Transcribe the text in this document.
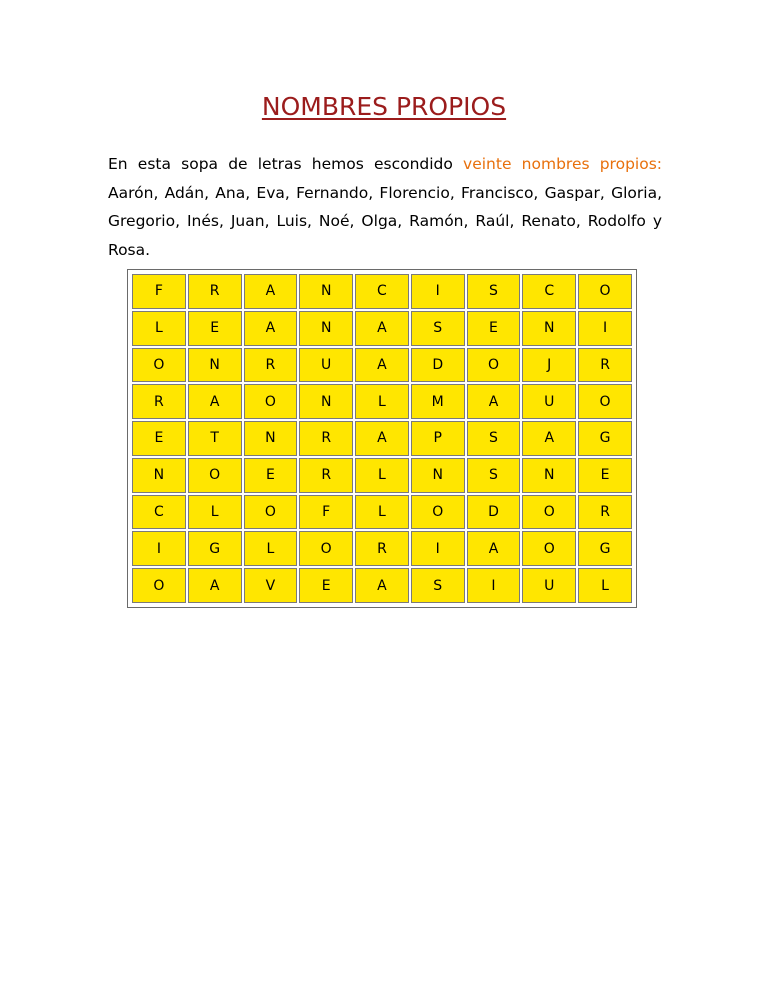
NOMBRES PROPIOS

En esta sopa de letras hemos escondido veinte nombres propios: Aarón, Adán, Ana, Eva, Fernando, Florencio, Francisco, Gaspar, Gloria, Gregorio, Inés, Juan, Luis, Noé, Olga, Ramón, Raúl, Renato, Rodolfo y Rosa.

F	R	A	N	C	I	S	C	O
L	E	A	N	A	S	E	N	I
O	N	R	U	A	D	O	J	R
R	A	O	N	L	M	A	U	O
E	T	N	R	A	P	S	A	G
N	O	E	R	L	N	S	N	E
C	L	O	F	L	O	D	O	R
I	G	L	O	R	I	A	O	G
O	A	V	E	A	S	I	U	L
